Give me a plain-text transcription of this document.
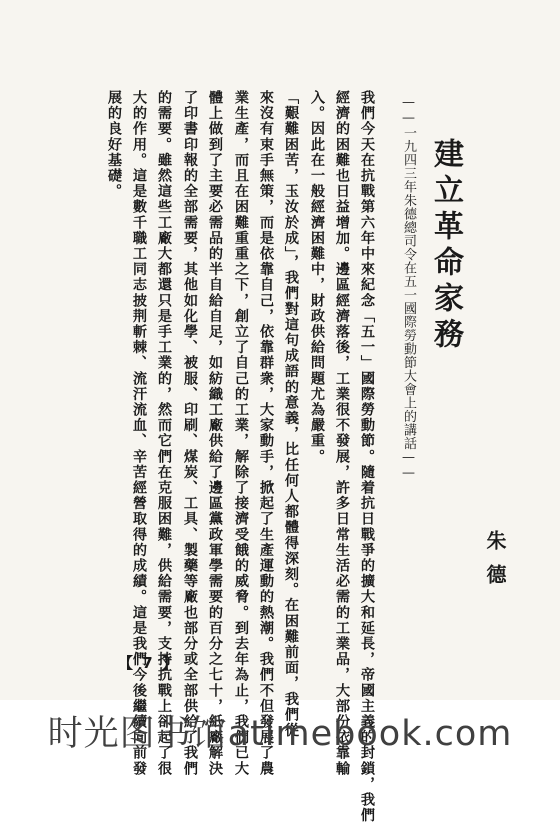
建立革命家務
——一九四三年朱德總司令在五一國際勞動節大會上的講話——
朱德
我們今天在抗戰第六年中來紀念「五一」國際勞動節。隨着抗日戰爭的擴大和延長，帝國主義的封鎖，我們
經濟的困難也日益增加。邊區經濟落後，工業很不發展，許多日常生活必需的工業品，大部份依靠輸
入。因此在一般經濟困難中，財政供給問題尤為嚴重。
「艱難困苦，玉汝於成」，我們對這句成語的意義，比任何人都體得深刻。在困難前面，我們從
來沒有束手無策，而是依靠自己，依靠群衆，大家動手，掀起了生產運動的熱潮。我們不但發展了農
業生產，而且在困難重重之下，創立了自己的工業，解除了接濟受餓的威脅。到去年為止，我們已大
體上做到了主要必需品的半自給自足，如紡織工廠供給了邊區黨政軍學需要的百分之七十，紙廠解決
了印書印報的全部需要，其他如化學、被服、印刷、煤炭、工具、製藥等廠也部分或全部供給了我們
的需要。雖然這些工廠大都還只是手工業的，然而它們在克服困難，供給需要，支持抗戰上卻起了很
大的作用。這是數千職工同志披荆斬棘、流汗流血、辛苦經營取得的成績。這是我們今後繼續向前發
展的良好基礎。
【 7 】
时光图书馆atimebook.com
